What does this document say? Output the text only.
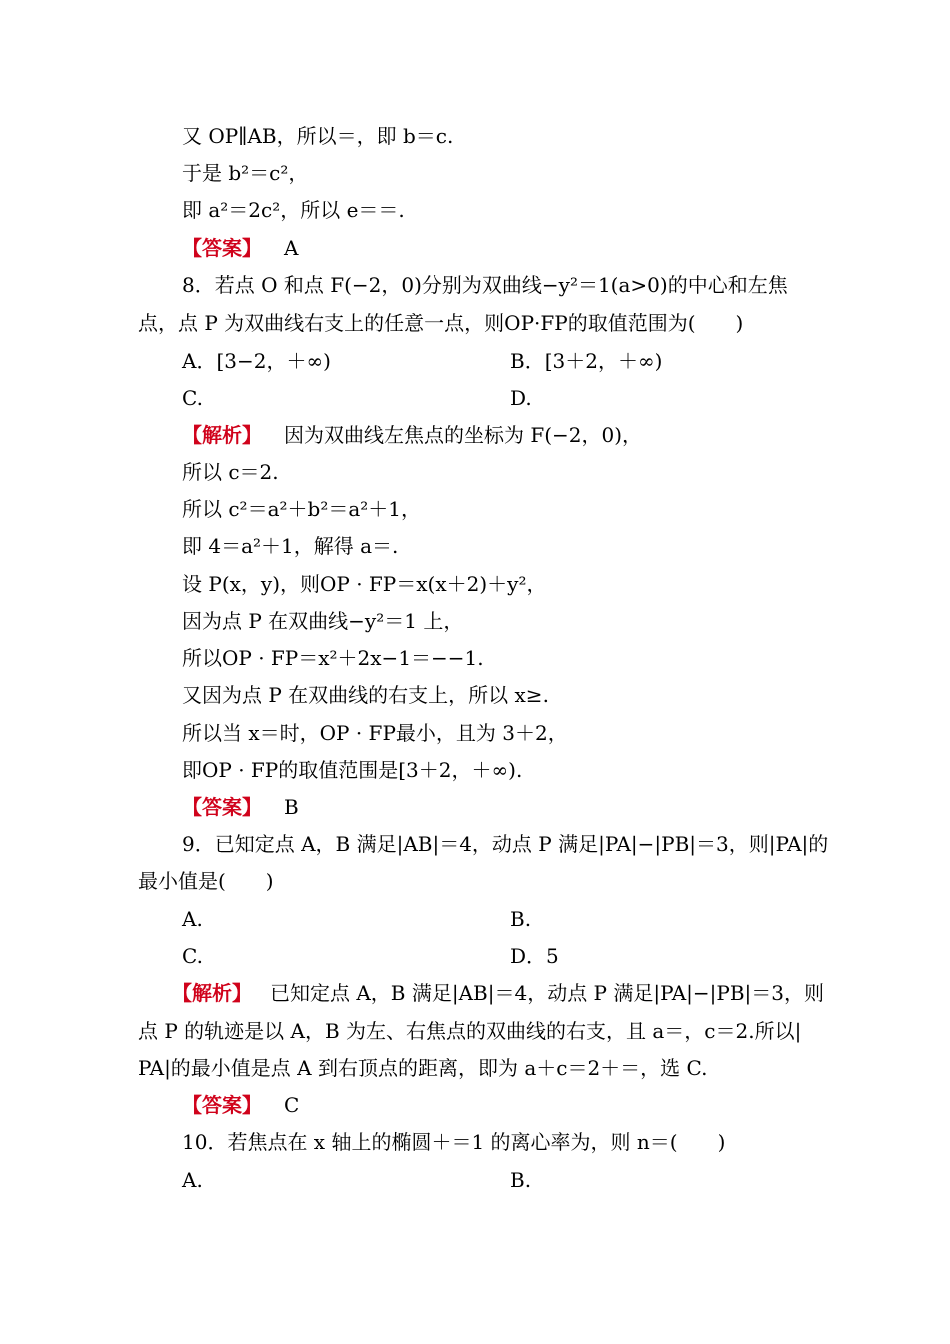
又 OP∥AB，所以＝，即 b＝c.
于是 b²＝c²，
即 a²＝2c²，所以 e＝＝.
【答案】 A
8．若点 O 和点 F(−2，0)分别为双曲线−y²＝1(a>0)的中心和左焦
点，点 P 为双曲线右支上的任意一点，则OP·FP的取值范围为(　　)
A．[3−2，＋∞)	B．[3＋2，＋∞)
C.	D.
【解析】 因为双曲线左焦点的坐标为 F(−2，0)，
所以 c＝2.
所以 c²＝a²＋b²＝a²＋1，
即 4＝a²＋1，解得 a＝.
设 P(x，y)，则OP · FP＝x(x＋2)＋y²，
因为点 P 在双曲线−y²＝1 上，
所以OP · FP＝x²＋2x−1＝−−1.
又因为点 P 在双曲线的右支上，所以 x≥.
所以当 x＝时，OP · FP最小，且为 3＋2，
即OP · FP的取值范围是[3＋2，＋∞).
【答案】 B
9．已知定点 A，B 满足|AB|＝4，动点 P 满足|PA|−|PB|＝3，则|PA|的
最小值是(　　)
A.	B.
C.	D．5
【解析】 已知定点 A，B 满足|AB|＝4，动点 P 满足|PA|−|PB|＝3，则
点 P 的轨迹是以 A，B 为左、右焦点的双曲线的右支，且 a＝，c＝2.所以|
PA|的最小值是点 A 到右顶点的距离，即为 a＋c＝2＋＝，选 C.
【答案】 C
10．若焦点在 x 轴上的椭圆＋＝1 的离心率为，则 n＝(　　)
A.	B.
